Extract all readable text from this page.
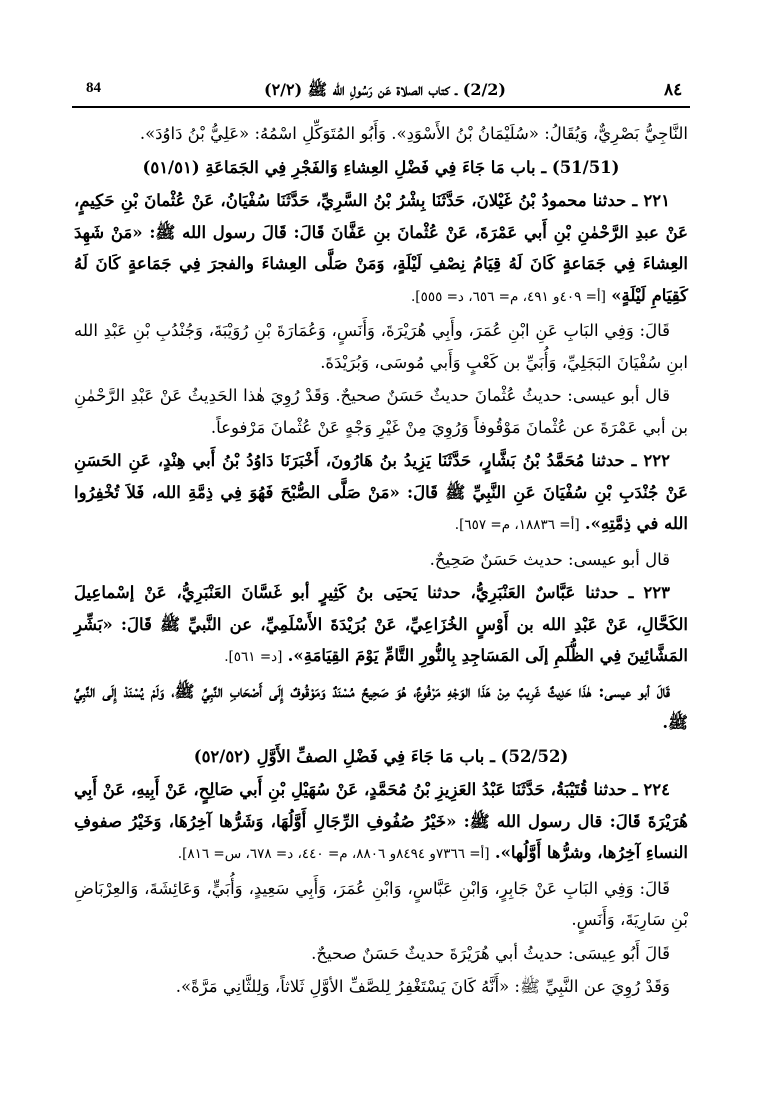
84	(2/2) ـ كتاب الصلاة عَن رَسُولِ الله ﷺ (٢/٢)	٨٤

النَّاجِيُّ بَصْرِيٌّ، وَيُقَالُ: «سُلَيْمَانُ بْنُ الأَسْوَدِ». وَأَبُو المُتَوَكِّلِ اسْمُهُ: «عَلِيُّ بْنُ دَاوُدَ».

(51/51) ـ باب مَا جَاءَ فِي فَضْلِ العِشاءِ وَالفَجْرِ فِي الجَمَاعَةِ (٥١/٥١)

٢٢١ ـ حدثنا محمودُ بْنُ غَيْلانَ، حَدَّثَنَا بِشْرُ بْنُ السَّرِيِّ، حَدَّثَنَا سُفْيَانُ، عَنْ عُثْمانَ بْنِ حَكِيمٍ، عَنْ عبدِ الرَّحْمٰنِ بْنِ أَبي عَمْرَةَ، عَنْ عُثْمانَ بنِ عَفَّانَ قَالَ: قَالَ رسول الله ﷺ: «مَنْ شَهِدَ العِشاءَ فِي جَمَاعةٍ كَانَ لَهُ قِيَامُ نِصْفِ لَيْلَةٍ، وَمَنْ صَلَّى العِشاءَ والفجرَ فِي جَمَاعةٍ كَانَ لَهُ كَقِيَامِ لَيْلَةٍ» [أ= ٤٠٩و ٤٩١، م= ٦٥٦، د= ٥٥٥].

قَالَ: وَفِي البَابِ عَنِ ابْنِ عُمَرَ، وأَبِي هُرَيْرَةَ، وَأَنَسٍ، وَعُمَارَةَ بْنِ رُوَيْبَةَ، وَجُنْدُبِ بْنِ عَبْدِ الله ابنِ سُفْيَانَ البَجَلِيِّ، وَأُبَيِّ بن كَعْبٍ وَأَبي مُوسَى، وَبُرَيْدَةَ.

قال أبو عيسى: حديثُ عُثْمانَ حديثٌ حَسَنٌ صحيحٌ. وَقَدْ رُوِيَ هٰذا الحَدِيثُ عَنْ عَبْدِ الرَّحْمٰنِ بن أبي عَمْرَةَ عن عُثْمانَ مَوْقُوفاً وَرُوِيَ مِنْ غَيْرِ وَجْهٍ عَنْ عُثْمانَ مَرْفوعاً.

٢٢٢ ـ حدثنا مُحَمَّدُ بْنُ بَشَّارٍ، حَدَّثَنَا يَزِيدُ بنُ هَارُونَ، أَخْبَرَنَا دَاوُدُ بْنُ أَبي هِنْدٍ، عَنِ الحَسَنِ عَنْ جُنْدَبِ بْنِ سُفْيَانَ عَنِ النَّبِيِّ ﷺ قَالَ: «مَنْ صَلَّى الصُّبْحَ فَهُوَ فِي ذِمَّةِ الله، فَلاَ تُخْفِرُوا الله في ذِمَّتِهِ». [أ= ١٨٨٣٦، م= ٦٥٧].

قال أبو عيسى: حديث حَسَنٌ صَحِيحٌ.

٢٢٣ ـ حدثنا عَبَّاسٌ العَنْبَرِيُّ، حدثنا يَحيَى بنُ كَثِيرٍ أبو غَسَّانَ العَنْبَرِيُّ، عَنْ إسْماعِيلَ الكَحَّالِ، عَنْ عَبْدِ الله بن أَوْسٍ الخُزَاعِيِّ، عَنْ بُرَيْدَةَ الأَسْلَمِيِّ، عن النَّبيِّ ﷺ قَالَ: «بَشِّرِ المَشَّائِينَ فِي الظُّلَمِ إلَى المَسَاجِدِ بِالنُّورِ التَّامِّ يَوْمَ القِيَامَةِ». [د= ٥٦١].

قَالَ أبو عيسى: هٰذَا حَدِيثٌ غَرِيبٌ مِنْ هَذَا الوَجْهِ مَرْفُوعٌ، هُوَ صَحِيحٌ مُسْنَدٌ وَمَوْقُوفٌ إِلَى أَصْحَابِ النَّبِيِّ ﷺ، وَلَمْ يُسْنَدْ إِلَى النَّبِيِّ ﷺ.

(52/52) ـ باب مَا جَاءَ فِي فَضْلِ الصفِّ الأَوَّلِ (٥٢/٥٢)

٢٢٤ ـ حدثنا قُتَيْبَةُ، حَدَّثَنَا عَبْدُ العَزِيزِ بْنُ مُحَمَّدٍ، عَنْ سُهَيْلِ بْنِ أَبي صَالِحٍ، عَنْ أَبِيهِ، عَنْ أَبِي هُرَيْرَةَ قَالَ: قال رسول الله ﷺ: «خَيْرُ صُفُوفِ الرِّجَالِ أَوَّلُهَا، وَشَرُّها آخِرُهَا، وَخَيْرُ صفوفِ النساءِ آخِرُها، وشرُّها أَوَّلُها». [أ= ٧٣٦٦و ٨٤٩٤و ٨٨٠٦، م= ٤٤٠، د= ٦٧٨، س= ٨١٦].

قَالَ: وَفِي البَابِ عَنْ جَابِرٍ، وَابْنِ عَبَّاسٍ، وَابْنِ عُمَرَ، وَأَبِي سَعِيدٍ، وَأُبَيٍّ، وَعَائِشَةَ، وَالعِرْبَاضِ بْنِ سَارِيَةَ، وَأَنَسٍ.

قَالَ أَبُو عِيسَى: حديثُ أبي هُرَيْرَةَ حديثٌ حَسَنٌ صحيحٌ.

وَقَدْ رُوِيَ عن النَّبِيِّ ﷺ: «أَنَّهُ كَانَ يَسْتَغْفِرُ لِلصَّفِّ الأوَّلِ ثَلاثاً، وَلِلثَّانِي مَرَّةً».
